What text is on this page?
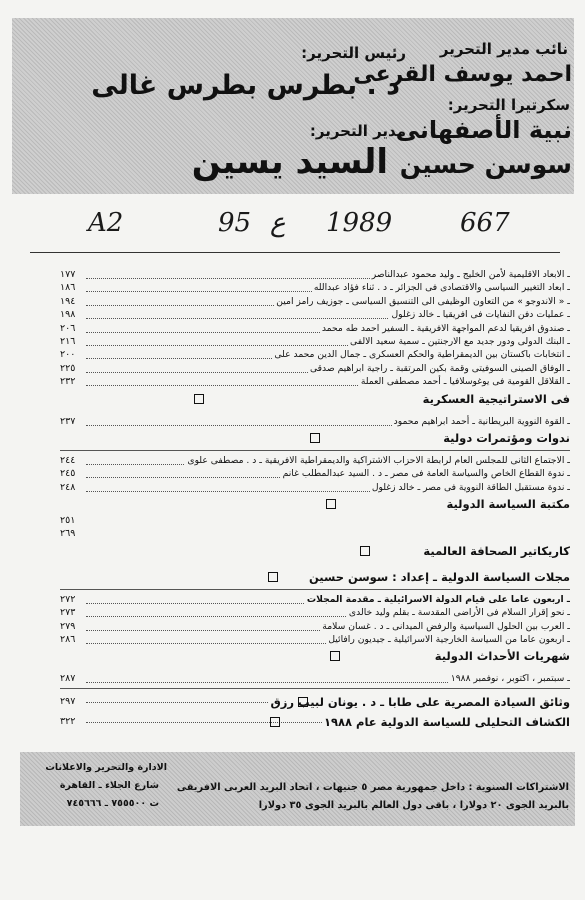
رئيس التحرير:
د . بطرس بطرس غالى
مدير التحرير:
السيد يسين
نائب مدير التحرير
احمد يوسف القرعى
سكرتيرا التحرير:
نبية الأصفهانى
سوسن حسين
A2	95 ع 1989	667
ـ الابعاد الاقليمية لأمن الخليج ـ وليد محمود عبدالناصر
١٧٧
ـ ابعاد التغيير السياسى والاقتصادى فى الجزائر ـ د . ثناء فؤاد عبدالله
١٨٦
ـ « الاندوجو » من التعاون الوظيفى الى التنسيق السياسى ـ جوزيف رامز امين
١٩٤
ـ عمليات دفن النفايات فى افريقيا ـ خالد زغلول
١٩٨
ـ صندوق افريقيا لدعم المواجهة الافريقية ـ السفير احمد طه محمد
٢٠٦
ـ البنك الدولى ودور جديد مع الارجنتين ـ سمية سعيد الالفى
٢١٦
ـ انتخابات باكستان بين الديمقراطية والحكم العسكرى ـ جمال الدين محمد على
٢٠٠
ـ الوفاق الصينى السوفيتى وقمة بكين المرتقبة ـ راجية ابراهيم صدقى
٢٢٥
ـ القلاقل القومية فى يوغوسلافيا ـ أحمد مصطفى العملة
٢٣٢
فى الاستراتيجية العسكرية
ـ القوة النووية البريطانية ـ أحمد ابراهيم محمود
٢٣٧
ندوات ومؤتمرات دولية
ـ الاجتماع الثانى للمجلس العام لرابطة الاحزاب الاشتراكية والديمقراطية الافريقية ـ د . مصطفى علوى
٢٤٤
ـ ندوة القطاع الخاص والسياسة العامة فى مصر ـ د . السيد عبدالمطلب غانم
٢٤٥
ـ ندوة مستقبل الطاقة النووية فى مصر ـ خالد زغلول
٢٤٨
مكتبة السياسة الدولية
٢٥١
٢٦٩
كاريكاتير الصحافة العالمية
مجلات السياسة الدولية ـ إعداد : سوسن حسين
ـ اربعون عاما على قيام الدولة الاسرائيلية ـ مقدمة المجلات
٢٧٢
ـ نحو إقرار السلام فى الأراضى المقدسة ـ بقلم وليد خالدى
٢٧٣
ـ العرب بين الحلول السياسية والرفض الميدانى ـ د . غسان سلامة
٢٧٩
ـ اربعون عاما من السياسة الخارجية الاسرائيلية ـ جيديون رافائيل
٢٨٦
شهريات الأحداث الدولية
ـ سبتمبر ، اكتوبر ، نوفمبر ١٩٨٨
٢٨٧
وثائق السيادة المصرية على طابا ـ د . يونان لبيب رزق
٢٩٧
الكشاف التحليلى للسياسة الدولية عام ١٩٨٨
٣٢٢
الادارة والتحرير والاعلانات
شارع الجلاء ـ القاهرة
ت ٧٥٥٥٠٠ ـ ٧٤٥٦٦٦
الاشتراكات السنوية : داخل جمهورية مصر ٥ جنيهات ، اتحاد البريد العربى الافريقى
بالبريد الجوى ٢٠ دولارا ، باقى دول العالم بالبريد الجوى ٣٥ دولارا
